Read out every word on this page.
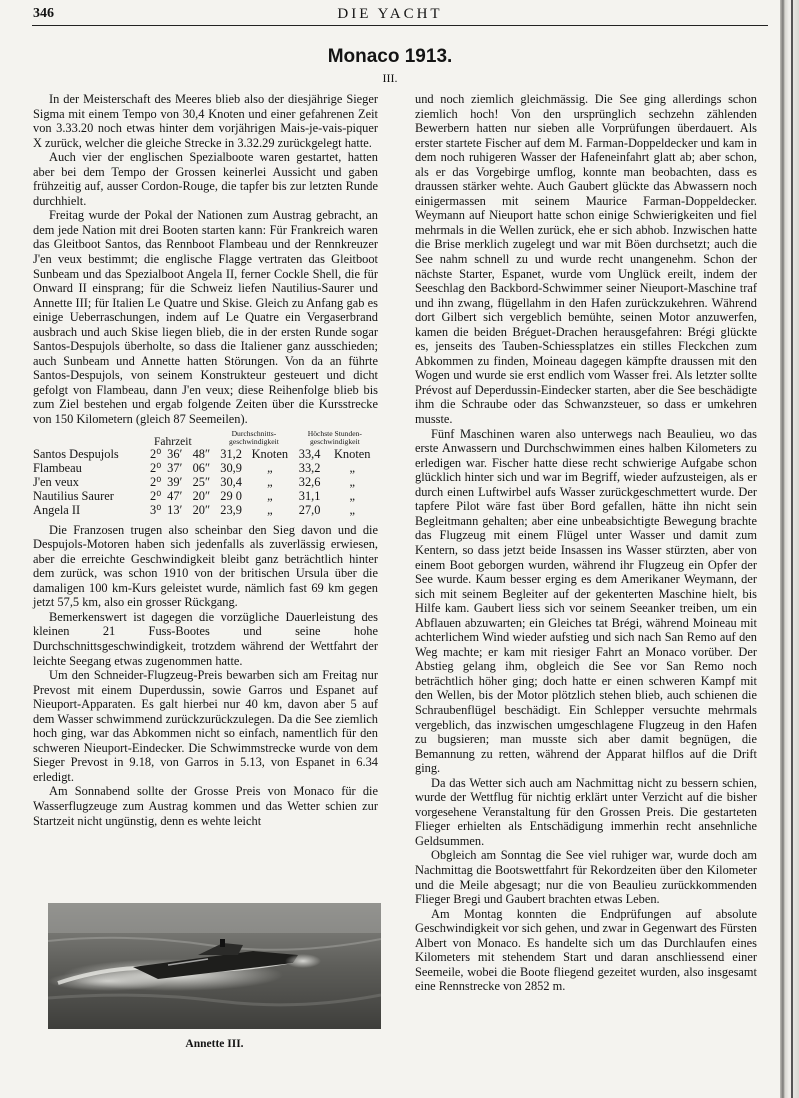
346	DIE YACHT
Monaco 1913.
III.

In der Meisterschaft des Meeres blieb also der diesjährige Sieger Sigma mit einem Tempo von 30,4 Knoten und einer gefahrenen Zeit von 3.33.20 noch etwas hinter dem vorjährigen Mais-je-vais-piquer X zurück, welcher die gleiche Strecke in 3.32.29 zurückgelegt hatte.

Auch vier der englischen Spezialboote waren gestartet, hatten aber bei dem Tempo der Grossen keinerlei Aussicht und gaben frühzeitig auf, ausser Cordon-Rouge, die tapfer bis zur letzten Runde durchhielt.

Freitag wurde der Pokal der Nationen zum Austrag gebracht, an dem jede Nation mit drei Booten starten kann: Für Frankreich waren das Gleitboot Santos, das Rennboot Flambeau und der Rennkreuzer J'en veux bestimmt; die englische Flagge vertraten das Gleitboot Sunbeam und das Spezialboot Angela II, ferner Cockle Shell, die für Onward II einsprang; für die Schweiz liefen Nautilius-Saurer und Annette III; für Italien Le Quatre und Skise. Gleich zu Anfang gab es einige Ueberraschungen, indem auf Le Quatre ein Vergaserbrand ausbrach und auch Skise liegen blieb, die in der ersten Runde sogar Santos-Despujols überholte, so dass die Italiener ganz ausschieden; auch Sunbeam und Annette hatten Störungen. Von da an führte Santos-Despujols, von seinem Konstrukteur gesteuert und dicht gefolgt von Flambeau, dann J'en veux; diese Reihenfolge blieb bis zum Ziel bestehen und ergab folgende Zeiten über die Kursstrecke von 150 Kilometern (gleich 87 Seemeilen).

	Fahrzeit			Durchschnitts-geschwindigkeit		Höchste Stunden-geschwindigkeit	
Santos Despujols	2⁰	36′	48″	31,2	Knoten	33,4	Knoten
Flambeau	2⁰	37′	06″	30,9	„	33,2	„
J'en veux	2⁰	39′	25″	30,4	„	32,6	„
Nautilius Saurer	2⁰	47′	20″	29 0	„	31,1	„
Angela II	3⁰	13′	20″	23,9	„	27,0	„

Die Franzosen trugen also scheinbar den Sieg davon und die Despujols-Motoren haben sich jedenfalls als zuverlässig erwiesen, aber die erreichte Geschwindigkeit bleibt ganz beträchtlich hinter dem zurück, was schon 1910 von der britischen Ursula über die damaligen 100 km-Kurs geleistet wurde, nämlich fast 69 km gegen jetzt 57,5 km, also ein grosser Rückgang.

Bemerkenswert ist dagegen die vorzügliche Dauerleistung des kleinen 21 Fuss-Bootes und seine hohe Durchschnittsgeschwindigkeit, trotzdem während der Wettfahrt der leichte Seegang etwas zugenommen hatte.

Um den Schneider-Flugzeug-Preis bewarben sich am Freitag nur Prevost mit einem Duperdussin, sowie Garros und Espanet auf Nieuport-Apparaten. Es galt hierbei nur 40 km, davon aber 5 auf dem Wasser schwimmend zurückzurückzulegen. Da die See ziemlich hoch ging, war das Abkommen nicht so einfach, namentlich für den schweren Nieuport-Eindecker. Die Schwimmstrecke wurde von dem Sieger Prevost in 9.18, von Garros in 5.13, von Espanet in 6.34 erledigt.

Am Sonnabend sollte der Grosse Preis von Monaco für die Wasserflugzeuge zum Austrag kommen und das Wetter schien zur Startzeit nicht ungünstig, denn es wehte leicht

Annette III.

und noch ziemlich gleichmässig. Die See ging allerdings schon ziemlich hoch! Von den ursprünglich sechzehn zählenden Bewerbern hatten nur sieben alle Vorprüfungen überdauert. Als erster startete Fischer auf dem M. Farman-Doppeldecker und kam in dem noch ruhigeren Wasser der Hafeneinfahrt glatt ab; aber schon, als er das Vorgebirge umflog, konnte man beobachten, dass es draussen stärker wehte. Auch Gaubert glückte das Abwassern noch einigermassen mit seinem Maurice Farman-Doppeldecker. Weymann auf Nieuport hatte schon einige Schwierigkeiten und fiel mehrmals in die Wellen zurück, ehe er sich abhob. Inzwischen hatte die Brise merklich zugelegt und war mit Böen durchsetzt; auch die See nahm schnell zu und wurde recht unangenehm. Schon der nächste Starter, Espanet, wurde vom Unglück ereilt, indem der Seeschlag den Backbord-Schwimmer seiner Nieuport-Maschine traf und ihn zwang, flügellahm in den Hafen zurückzukehren. Während dort Gilbert sich vergeblich bemühte, seinen Motor anzuwerfen, kamen die beiden Bréguet-Drachen herausgefahren: Brégi glückte es, jenseits des Tauben-Schiessplatzes ein stilles Fleckchen zum Abkommen zu finden, Moineau dagegen kämpfte draussen mit den Wogen und wurde sie erst endlich vom Wasser frei. Als letzter sollte Prévost auf Deperdussin-Eindecker starten, aber die See beschädigte ihm die Schraube oder das Schwanzsteuer, so dass er umkehren musste.

Fünf Maschinen waren also unterwegs nach Beaulieu, wo das erste Anwassern und Durchschwimmen eines halben Kilometers zu erledigen war. Fischer hatte diese recht schwierige Aufgabe schon glücklich hinter sich und war im Begriff, wieder aufzusteigen, als er durch einen Luftwirbel aufs Wasser zurückgeschmettert wurde. Der tapfere Pilot wäre fast über Bord gefallen, hätte ihn nicht sein Begleitmann gehalten; aber eine unbeabsichtigte Bewegung brachte das Flugzeug mit einem Flügel unter Wasser und damit zum Kentern, so dass jetzt beide Insassen ins Wasser stürzten, aber von einem Boot geborgen wurden, während ihr Flugzeug ein Opfer der See wurde. Kaum besser erging es dem Amerikaner Weymann, der sich mit seinem Begleiter auf der gekenterten Maschine hielt, bis Hilfe kam. Gaubert liess sich vor seinem Seeanker treiben, um ein Abflauen abzuwarten; ein Gleiches tat Brégi, während Moineau mit achterlichem Wind wieder aufstieg und sich nach San Remo auf den Weg machte; er kam mit riesiger Fahrt an Monaco vorüber. Der Abstieg gelang ihm, obgleich die See vor San Remo noch beträchtlich höher ging; doch hatte er einen schweren Kampf mit den Wellen, bis der Motor plötzlich stehen blieb, auch schienen die Schraubenflügel beschädigt. Ein Schlepper versuchte mehrmals vergeblich, das inzwischen umgeschlagene Flugzeug in den Hafen zu bugsieren; man musste sich aber damit begnügen, die Bemannung zu retten, während der Apparat hilflos auf die Drift ging.

Da das Wetter sich auch am Nachmittag nicht zu bessern schien, wurde der Wettflug für nichtig erklärt unter Verzicht auf die bisher vorgesehene Veranstaltung für den Grossen Preis. Die gestarteten Flieger erhielten als Entschädigung immerhin recht ansehnliche Geldsummen.

Obgleich am Sonntag die See viel ruhiger war, wurde doch am Nachmittag die Bootswettfahrt für Rekordzeiten über den Kilometer und die Meile abgesagt; nur die von Beaulieu zurückkommenden Flieger Bregi und Gaubert brachten etwas Leben.

Am Montag konnten die Endprüfungen auf absolute Geschwindigkeit vor sich gehen, und zwar in Gegenwart des Fürsten Albert von Monaco. Es handelte sich um das Durchlaufen eines Kilometers mit stehendem Start und daran anschliessend einer Seemeile, wobei die Boote fliegend gezeitet wurden, also insgesamt eine Rennstrecke von 2852 m.
